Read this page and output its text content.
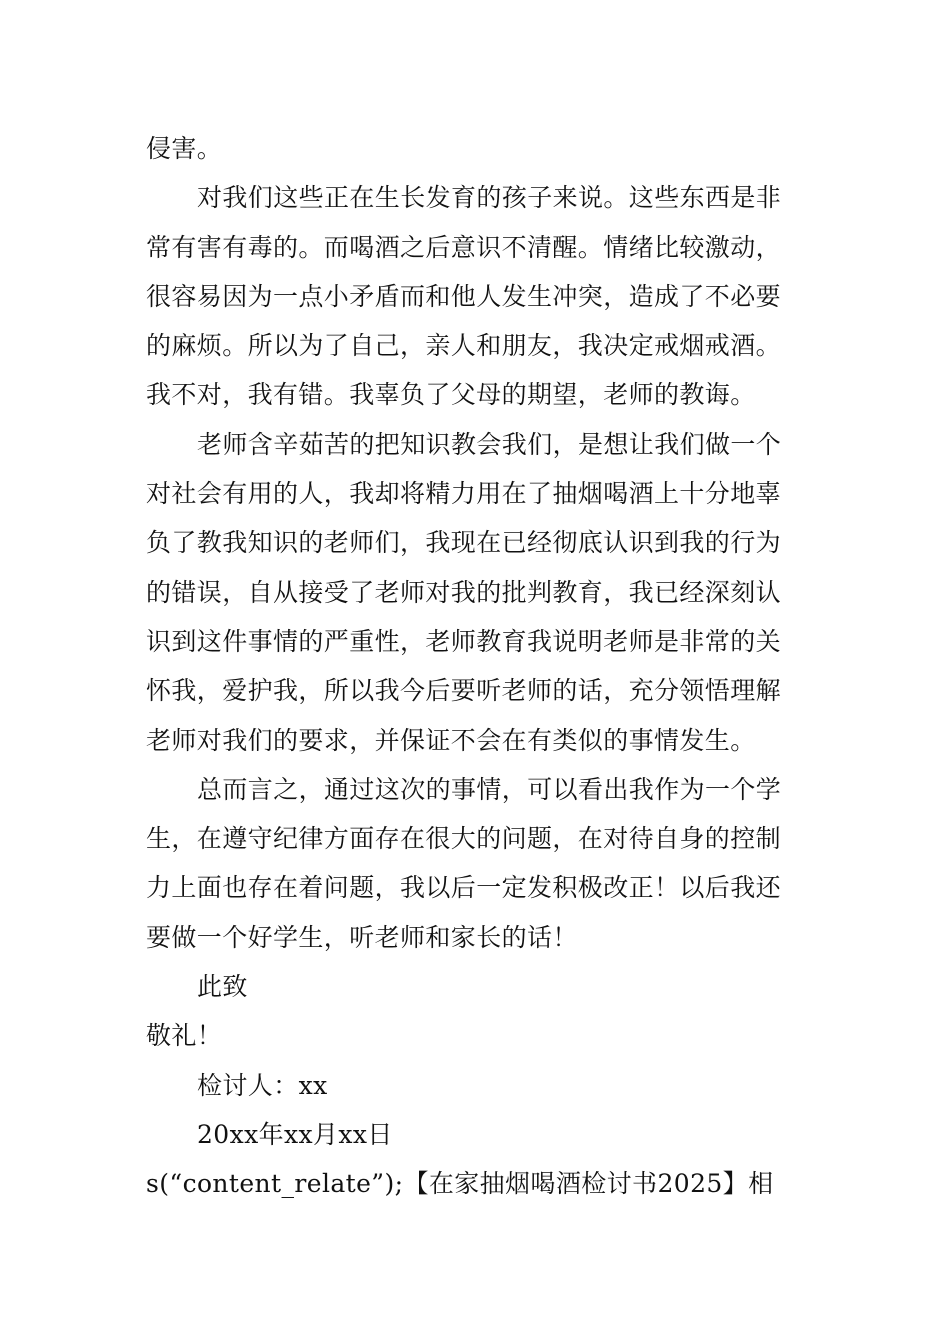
侵害。
对我们这些正在生长发育的孩子来说。这些东西是非
常有害有毒的。而喝酒之后意识不清醒。情绪比较激动，
很容易因为一点小矛盾而和他人发生冲突，造成了不必要
的麻烦。所以为了自己，亲人和朋友，我决定戒烟戒酒。
我不对，我有错。我辜负了父母的期望，老师的教诲。
老师含辛茹苦的把知识教会我们，是想让我们做一个
对社会有用的人，我却将精力用在了抽烟喝酒上十分地辜
负了教我知识的老师们，我现在已经彻底认识到我的行为
的错误，自从接受了老师对我的批判教育，我已经深刻认
识到这件事情的严重性，老师教育我说明老师是非常的关
怀我，爱护我，所以我今后要听老师的话，充分领悟理解
老师对我们的要求，并保证不会在有类似的事情发生。
总而言之，通过这次的事情，可以看出我作为一个学
生，在遵守纪律方面存在很大的问题，在对待自身的控制
力上面也存在着问题，我以后一定发积极改正！以后我还
要做一个好学生，听老师和家长的话！
此致
敬礼！
检讨人：xx
20xx年xx月xx日
s(“content_relate”);【在家抽烟喝酒检讨书2025】相
